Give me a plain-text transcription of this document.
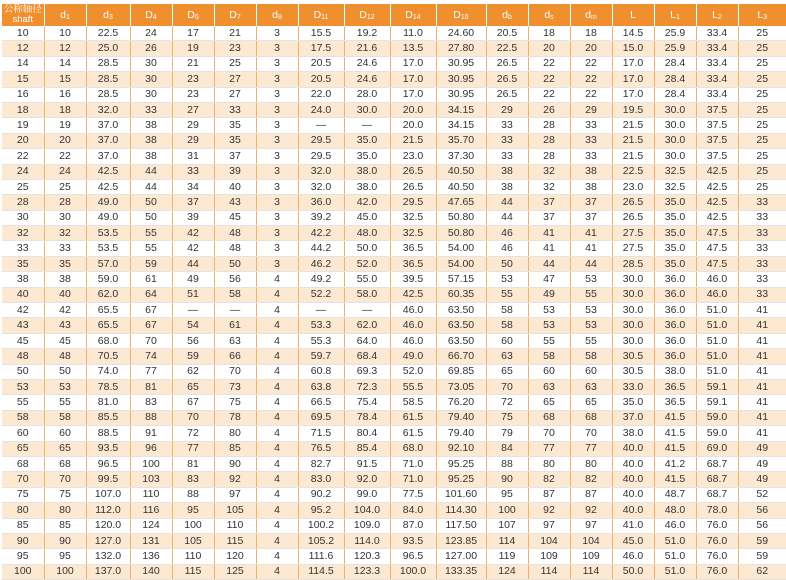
公称轴径
shaft	$d_1$	$d_3$	$D_4$	$D_6$	$D_7$	$d_8$	$D_{11}$	$D_{12}$	$D_{14}$	$D_{16}$	$d_b$	$d_s$	$d_m$	L	$L_1$	$L_2$	$L_3$
10	10	22.5	24	17	21	3	15.5	19.2	11.0	24.60	20.5	18	18	14.5	25.9	33.4	25
12	12	25.0	26	19	23	3	17.5	21.6	13.5	27.80	22.5	20	20	15.0	25.9	33.4	25
14	14	28.5	30	21	25	3	20.5	24.6	17.0	30.95	26.5	22	22	17.0	28.4	33.4	25
15	15	28.5	30	23	27	3	20.5	24.6	17.0	30.95	26.5	22	22	17.0	28.4	33.4	25
16	16	28.5	30	23	27	3	22.0	28.0	17.0	30.95	26.5	22	22	17.0	28.4	33.4	25
18	18	32.0	33	27	33	3	24.0	30.0	20.0	34.15	29	26	29	19.5	30.0	37.5	25
19	19	37.0	38	29	35	3	—	—	20.0	34.15	33	28	33	21.5	30.0	37.5	25
20	20	37.0	38	29	35	3	29.5	35.0	21.5	35.70	33	28	33	21.5	30.0	37.5	25
22	22	37.0	38	31	37	3	29.5	35.0	23.0	37.30	33	28	33	21.5	30.0	37.5	25
24	24	42.5	44	33	39	3	32.0	38.0	26.5	40.50	38	32	38	22.5	32.5	42.5	25
25	25	42.5	44	34	40	3	32.0	38.0	26.5	40.50	38	32	38	23.0	32.5	42.5	25
28	28	49.0	50	37	43	3	36.0	42.0	29.5	47.65	44	37	37	26.5	35.0	42.5	33
30	30	49.0	50	39	45	3	39.2	45.0	32.5	50.80	44	37	37	26.5	35.0	42.5	33
32	32	53.5	55	42	48	3	42.2	48.0	32.5	50.80	46	41	41	27.5	35.0	47.5	33
33	33	53.5	55	42	48	3	44.2	50.0	36.5	54.00	46	41	41	27.5	35.0	47.5	33
35	35	57.0	59	44	50	3	46.2	52.0	36.5	54.00	50	44	44	28.5	35.0	47.5	33
38	38	59.0	61	49	56	4	49.2	55.0	39.5	57.15	53	47	53	30.0	36.0	46.0	33
40	40	62.0	64	51	58	4	52.2	58.0	42.5	60.35	55	49	55	30.0	36.0	46.0	33
42	42	65.5	67	—	—	4	—	—	46.0	63.50	58	53	53	30.0	36.0	51.0	41
43	43	65.5	67	54	61	4	53.3	62.0	46.0	63.50	58	53	53	30.0	36.0	51.0	41
45	45	68.0	70	56	63	4	55.3	64.0	46.0	63.50	60	55	55	30.0	36.0	51.0	41
48	48	70.5	74	59	66	4	59.7	68.4	49.0	66.70	63	58	58	30.5	36.0	51.0	41
50	50	74.0	77	62	70	4	60.8	69.3	52.0	69.85	65	60	60	30.5	38.0	51.0	41
53	53	78.5	81	65	73	4	63.8	72.3	55.5	73.05	70	63	63	33.0	36.5	59.1	41
55	55	81.0	83	67	75	4	66.5	75.4	58.5	76.20	72	65	65	35.0	36.5	59.1	41
58	58	85.5	88	70	78	4	69.5	78.4	61.5	79.40	75	68	68	37.0	41.5	59.0	41
60	60	88.5	91	72	80	4	71.5	80.4	61.5	79.40	79	70	70	38.0	41.5	59.0	41
65	65	93.5	96	77	85	4	76.5	85.4	68.0	92.10	84	77	77	40.0	41.5	69.0	49
68	68	96.5	100	81	90	4	82.7	91.5	71.0	95.25	88	80	80	40.0	41.2	68.7	49
70	70	99.5	103	83	92	4	83.0	92.0	71.0	95.25	90	82	82	40.0	41.5	68.7	49
75	75	107.0	110	88	97	4	90.2	99.0	77.5	101.60	95	87	87	40.0	48.7	68.7	52
80	80	112.0	116	95	105	4	95.2	104.0	84.0	114.30	100	92	92	40.0	48.0	78.0	56
85	85	120.0	124	100	110	4	100.2	109.0	87.0	117.50	107	97	97	41.0	46.0	76.0	56
90	90	127.0	131	105	115	4	105.2	114.0	93.5	123.85	114	104	104	45.0	51.0	76.0	59
95	95	132.0	136	110	120	4	111.6	120.3	96.5	127.00	119	109	109	46.0	51.0	76.0	59
100	100	137.0	140	115	125	4	114.5	123.3	100.0	133.35	124	114	114	50.0	51.0	76.0	62
